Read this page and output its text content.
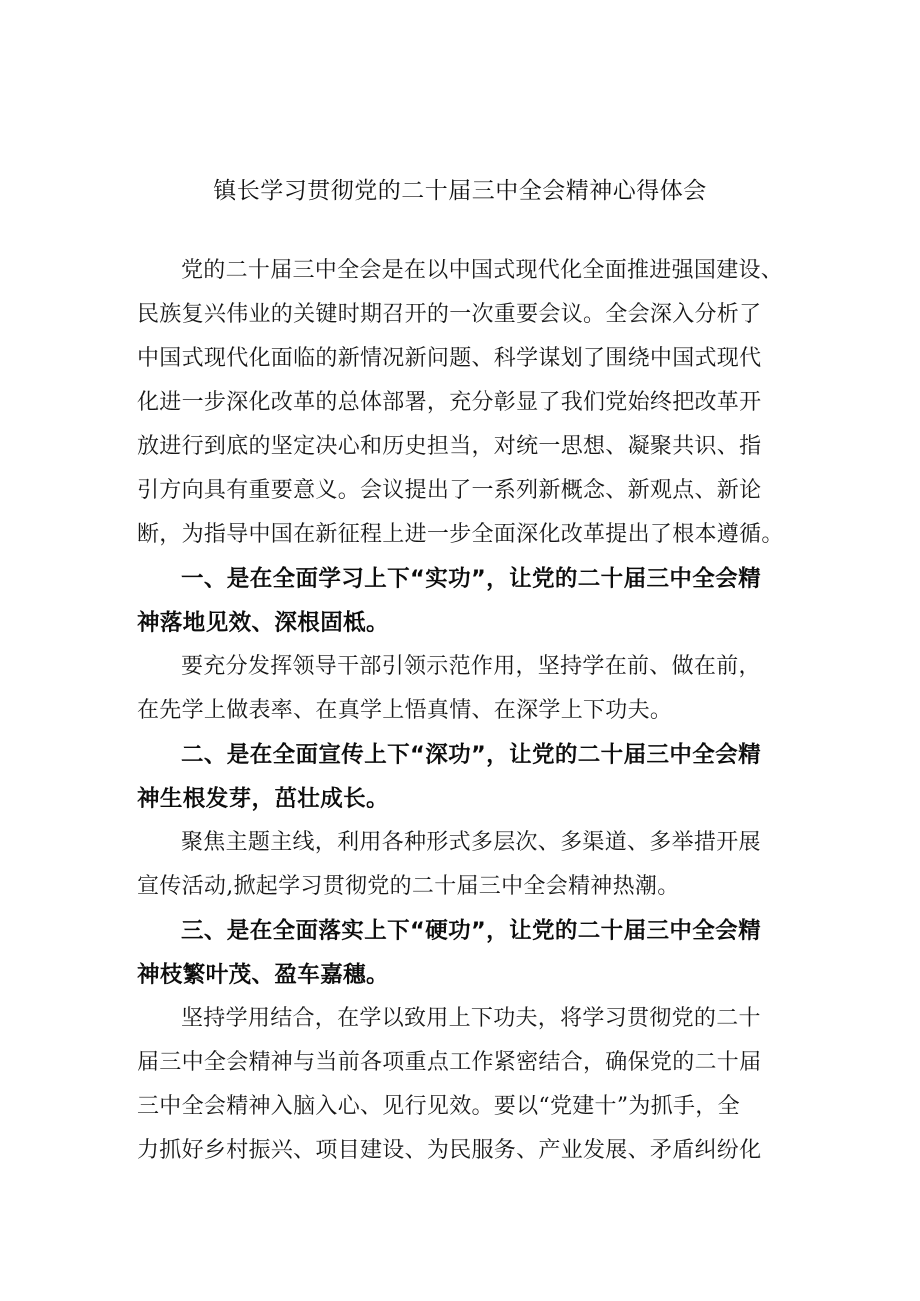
镇长学习贯彻党的二十届三中全会精神心得体会

党的二十届三中全会是在以中国式现代化全面推进强国建设、
民族复兴伟业的关键时期召开的一次重要会议。全会深入分析了
中国式现代化面临的新情况新问题、科学谋划了围绕中国式现代
化进一步深化改革的总体部署，充分彰显了我们党始终把改革开
放进行到底的坚定决心和历史担当，对统一思想、凝聚共识、指
引方向具有重要意义。会议提出了一系列新概念、新观点、新论
断，为指导中国在新征程上进一步全面深化改革提出了根本遵循。

一、是在全面学习上下“实功”，让党的二十届三中全会精
神落地见效、深根固柢。

要充分发挥领导干部引领示范作用，坚持学在前、做在前，
在先学上做表率、在真学上悟真情、在深学上下功夫。

二、是在全面宣传上下“深功”，让党的二十届三中全会精
神生根发芽，茁壮成长。

聚焦主题主线，利用各种形式多层次、多渠道、多举措开展
宣传活动,掀起学习贯彻党的二十届三中全会精神热潮。

三、是在全面落实上下“硬功”，让党的二十届三中全会精
神枝繁叶茂、盈车嘉穗。

坚持学用结合，在学以致用上下功夫，将学习贯彻党的二十
届三中全会精神与当前各项重点工作紧密结合，确保党的二十届
三中全会精神入脑入心、见行见效。要以“党建十”为抓手，全
力抓好乡村振兴、项目建设、为民服务、产业发展、矛盾纠纷化
